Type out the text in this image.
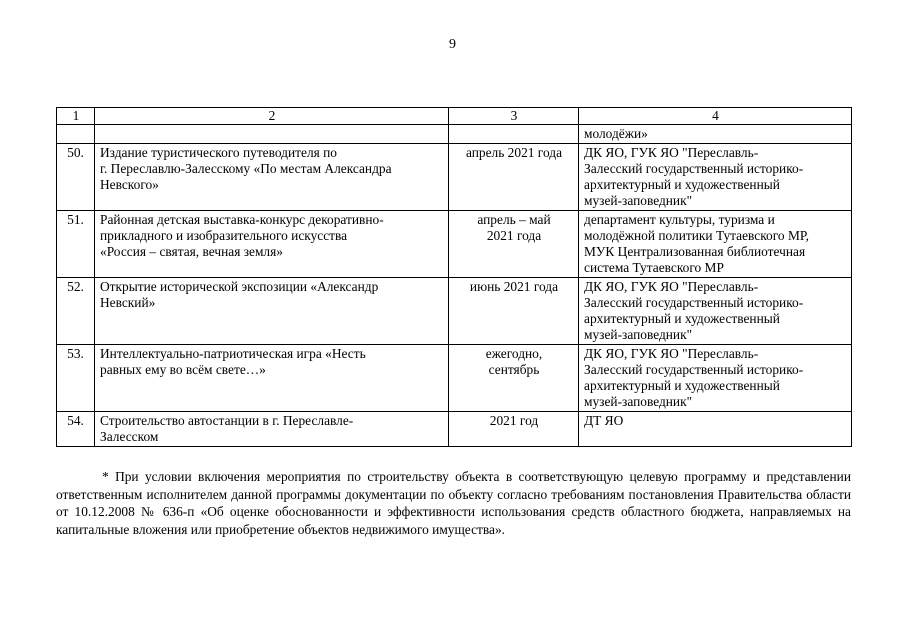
9
1	2	3	4

			молодёжи»

50.	Издание туристического путеводителя по
г. Переславлю-Залесскому «По местам Александра
Невского»	апрель 2021 года	ДК ЯО, ГУК ЯО "Переславль-
Залесский государственный историко-
архитектурный и художественный
музей-заповедник"

51.	Районная детская выставка-конкурс декоративно-
прикладного и изобразительного искусства
«Россия – святая, вечная земля»	апрель – май
2021 года	департамент культуры, туризма и
молодёжной политики Тутаевского МР,
МУК Централизованная библиотечная
система Тутаевского МР

52.	Открытие исторической экспозиции «Александр
Невский»	июнь 2021 года	ДК ЯО, ГУК ЯО "Переславль-
Залесский государственный историко-
архитектурный и художественный
музей-заповедник"

53.	Интеллектуально-патриотическая игра «Несть
равных ему во всём свете…»	ежегодно,
сентябрь	ДК ЯО, ГУК ЯО "Переславль-
Залесский государственный историко-
архитектурный и художественный
музей-заповедник"

54.	Строительство автостанции в г. Переславле-
Залесском	2021 год	ДТ ЯО
* При условии включения мероприятия по строительству объекта в соответствующую целевую программу и представлении ответственным исполнителем данной программы документации по объекту согласно требованиям постановления Правительства области от 10.12.2008 № 636-п «Об оценке обоснованности и эффективности использования средств областного бюджета, направляемых на капитальные вложения или приобретение объектов недвижимого имущества».
